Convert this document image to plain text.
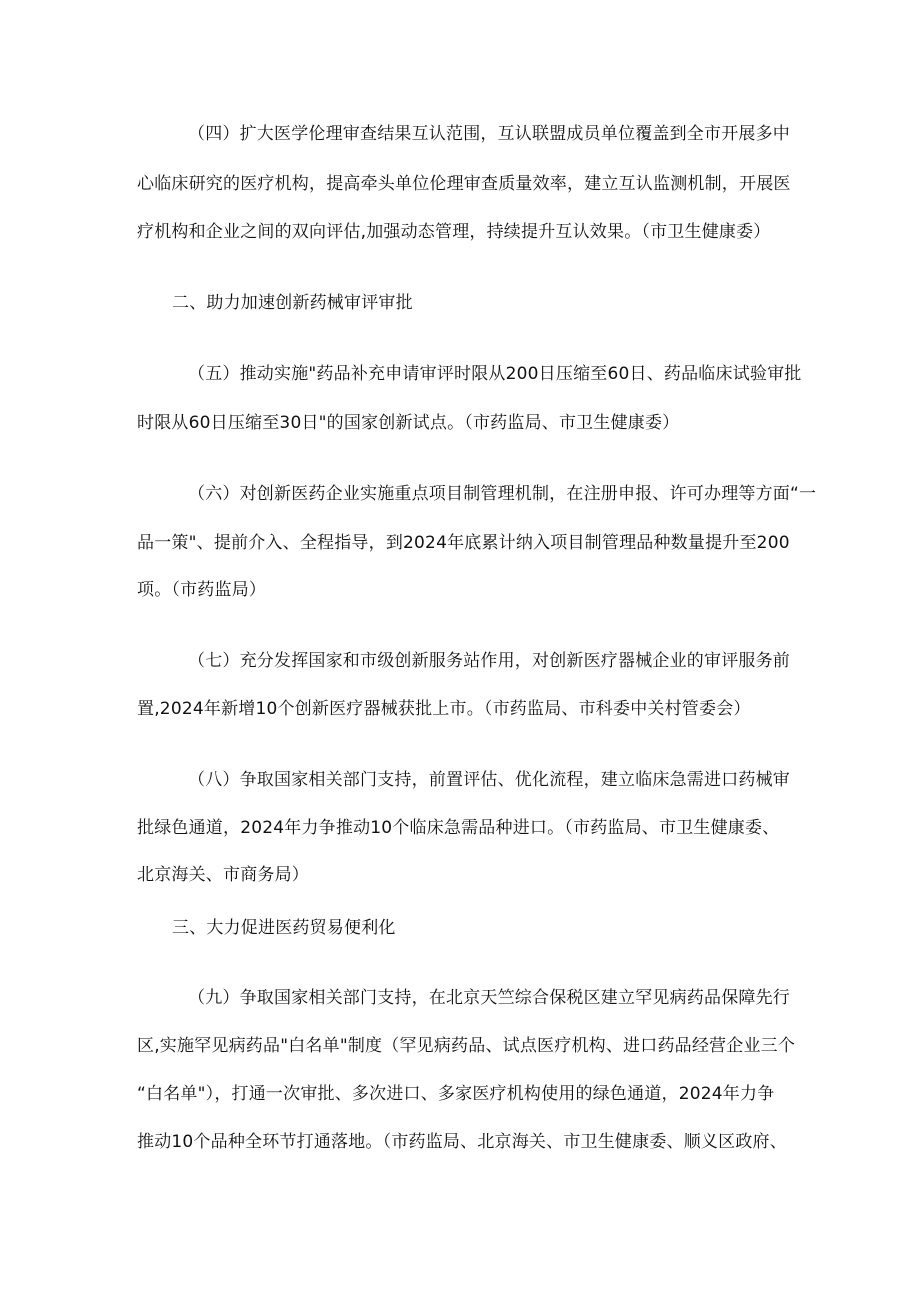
（四）扩大医学伦理审查结果互认范围，互认联盟成员单位覆盖到全市开展多中
心临床研究的医疗机构，提高牵头单位伦理审查质量效率，建立互认监测机制，开展医
疗机构和企业之间的双向评估,加强动态管理，持续提升互认效果。（市卫生健康委）
二、助力加速创新药械审评审批
（五）推动实施"药品补充申请审评时限从200日压缩至60日、药品临床试验审批
时限从60日压缩至30日"的国家创新试点。（市药监局、市卫生健康委）
（六）对创新医药企业实施重点项目制管理机制，在注册申报、许可办理等方面“一
品一策"、提前介入、全程指导，到2024年底累计纳入项目制管理品种数量提升至200
项。（市药监局）
（七）充分发挥国家和市级创新服务站作用，对创新医疗器械企业的审评服务前
置,2024年新增10个创新医疗器械获批上市。（市药监局、市科委中关村管委会）
（八）争取国家相关部门支持，前置评估、优化流程，建立临床急需进口药械审
批绿色通道，2024年力争推动10个临床急需品种进口。（市药监局、市卫生健康委、
北京海关、市商务局）
三、大力促进医药贸易便利化
（九）争取国家相关部门支持，在北京天竺综合保税区建立罕见病药品保障先行
区,实施罕见病药品"白名单"制度（罕见病药品、试点医疗机构、进口药品经营企业三个
“白名单"），打通一次审批、多次进口、多家医疗机构使用的绿色通道，2024年力争
推动10个品种全环节打通落地。（市药监局、北京海关、市卫生健康委、顺义区政府、
